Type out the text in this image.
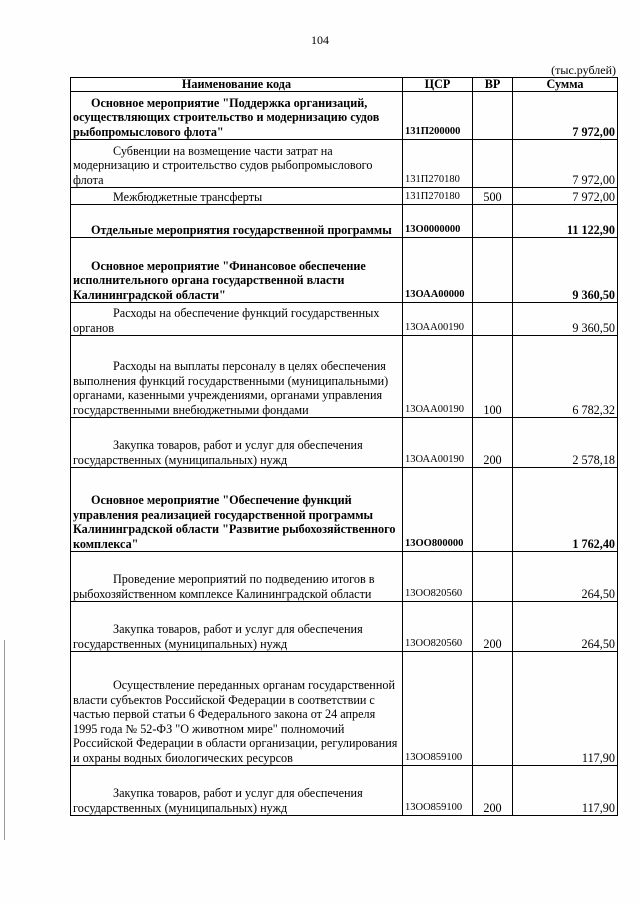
104
(тыс.рублей)
Наименование кода	ЦСР	ВР	Сумма
Основное мероприятие "Поддержка организаций, осуществляющих строительство и модернизацию судов рыбопромыслового флота"	131П200000		7 972,00
Субвенции на возмещение части затрат на модернизацию и строительство судов рыбопромыслового флота	131П270180		7 972,00
Межбюджетные трансферты	131П270180	500	7 972,00
Отдельные мероприятия государственной программы	13О0000000		11 122,90
Основное мероприятие "Финансовое обеспечение исполнительного органа государственной власти Калининградской области"	13ОАА00000		9 360,50
Расходы на обеспечение функций государственных органов	13ОАА00190		9 360,50
Расходы на выплаты персоналу в целях обеспечения выполнения функций государственными (муниципальными) органами, казенными учреждениями, органами управления государственными внебюджетными фондами	13ОАА00190	100	6 782,32
Закупка товаров, работ и услуг для обеспечения государственных (муниципальных) нужд	13ОАА00190	200	2 578,18
Основное мероприятие "Обеспечение функций управления реализацией государственной программы Калининградской области "Развитие рыбохозяйственного комплекса"	13ОО800000		1 762,40
Проведение мероприятий по подведению итогов в рыбохозяйственном комплексе Калининградской области	13ОО820560		264,50
Закупка товаров, работ и услуг для обеспечения государственных (муниципальных) нужд	13ОО820560	200	264,50
Осуществление переданных органам государственной власти субъектов Российской Федерации в соответствии с частью первой статьи 6 Федерального закона от 24 апреля 1995 года № 52-ФЗ "О животном мире" полномочий Российской Федерации в области организации, регулирования и охраны водных биологических ресурсов	13ОО859100		117,90
Закупка товаров, работ и услуг для обеспечения государственных (муниципальных) нужд	13ОО859100	200	117,90
